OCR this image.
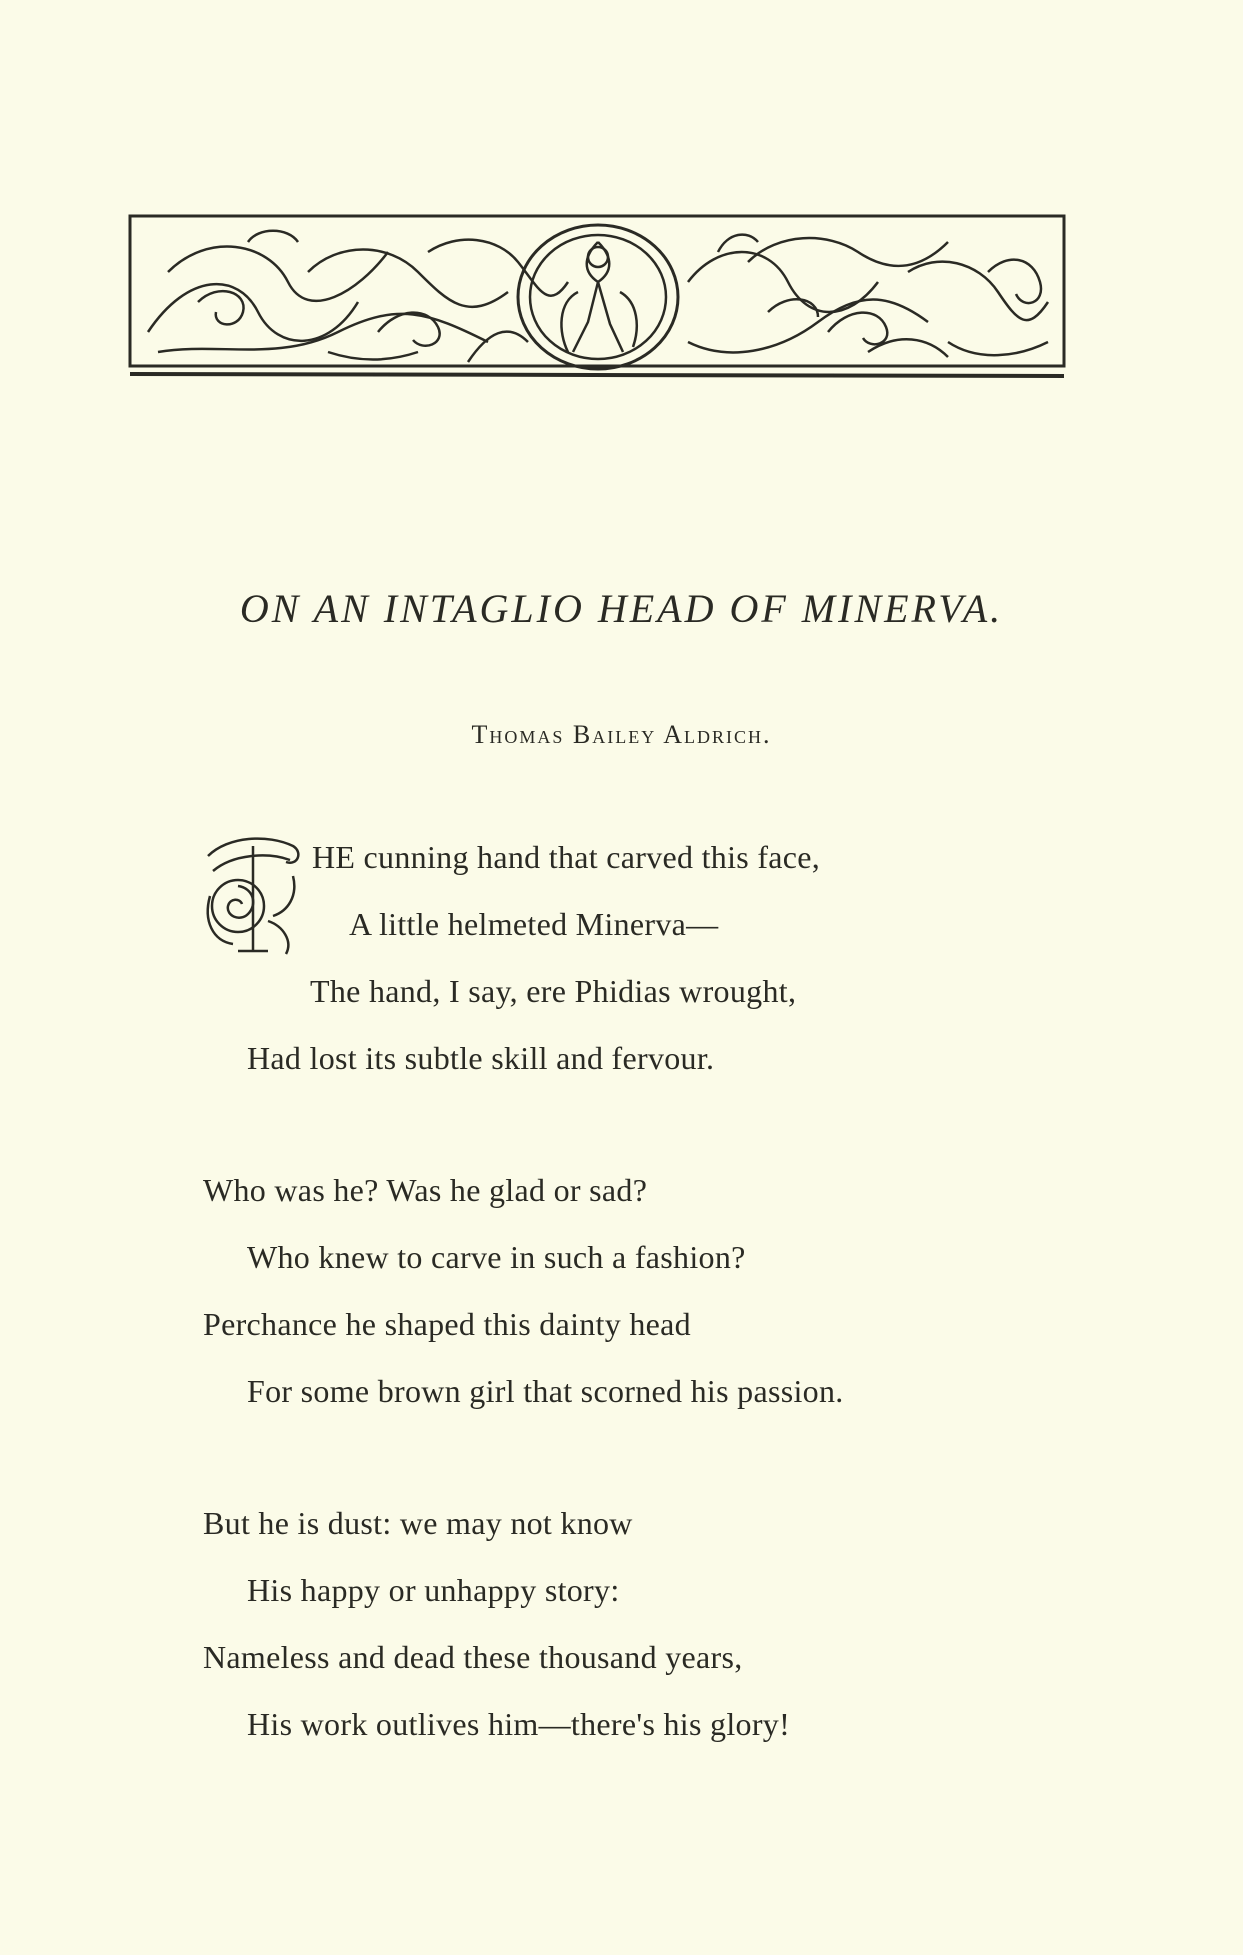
ON AN INTAGLIO HEAD OF MINERVA.
Thomas Bailey Aldrich.
T HE cunning hand that carved this face,
A little helmeted Minerva—
The hand, I say, ere Phidias wrought,
Had lost its subtle skill and fervour.
Who was he? Was he glad or sad?
Who knew to carve in such a fashion?
Perchance he shaped this dainty head
For some brown girl that scorned his passion.
But he is dust: we may not know
His happy or unhappy story:
Nameless and dead these thousand years,
His work outlives him—there's his glory!
